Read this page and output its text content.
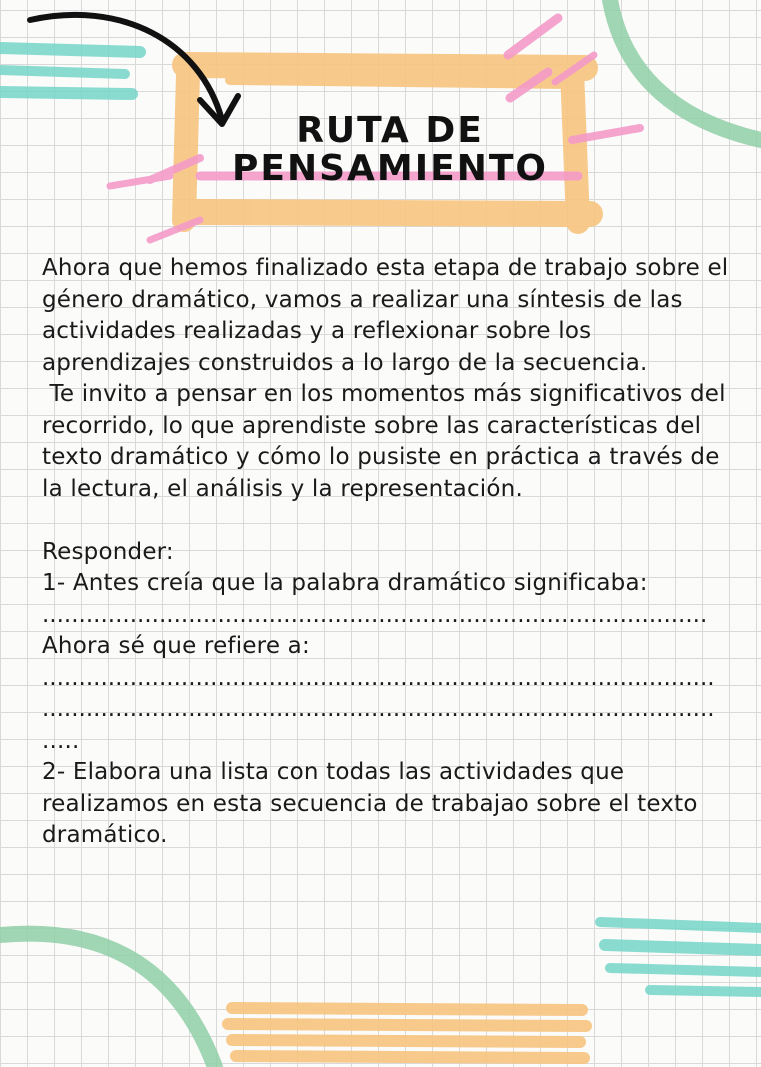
RUTA DE
PENSAMIENTO

Ahora que hemos finalizado esta etapa de trabajo sobre el género dramático, vamos a realizar una síntesis de las actividades realizadas y a reflexionar sobre los aprendizajes construidos a lo largo de la secuencia.

Te invito a pensar en los momentos más significativos del recorrido, lo que aprendiste sobre las características del texto dramático y cómo lo pusiste en práctica a través de la lectura, el análisis y la representación.

Responder:

1- Antes creía que la palabra dramático significaba:

...........................................................................................

Ahora sé que refiere a:

............................................................................................

............................................................................................

.....

2- Elabora una lista con todas las actividades que realizamos en esta secuencia de trabajao sobre el texto dramático.
